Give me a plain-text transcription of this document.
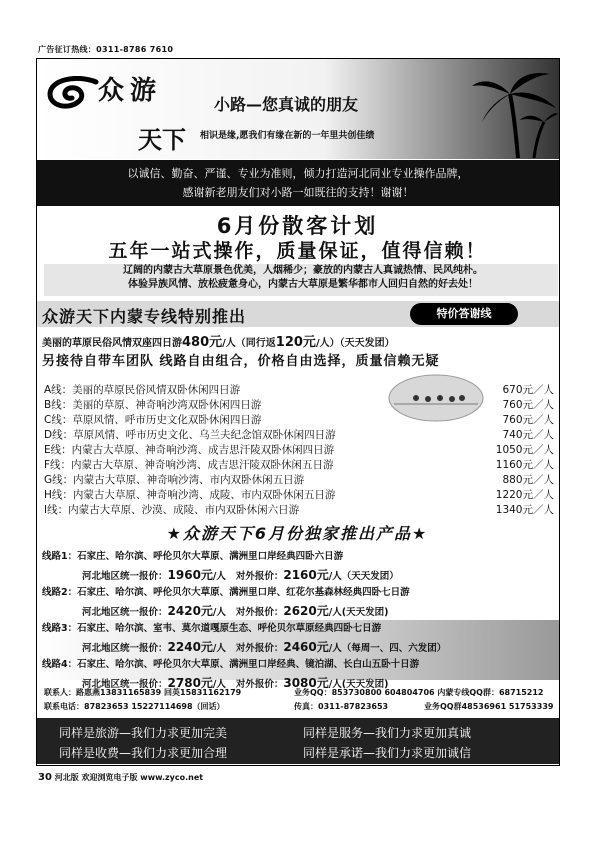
广告征订热线：0311-8786 7610
众游	小路—您真诚的朋友
天下 相识是缘,愿我们有缘在新的一年里共创佳绩
以诚信、勤奋、严谨、专业为准则，倾力打造河北同业专业操作品牌，
感谢新老朋友们对小路一如既往的支持！谢谢！
6月份散客计划
五年一站式操作，质量保证，值得信赖！
辽阔的内蒙古大草原景色优美，人烟稀少；豪放的内蒙古人真诚热情、民风纯朴。
体验异族风情、放松疲惫身心，内蒙古大草原是繁华都市人回归自然的好去处！
众游天下内蒙专线特别推出	特价答谢线
美丽的草原民俗风情双座四日游480元/人（同行返120元/人）（天天发团）
另接待自带车团队 线路自由组合，价格自由选择，质量信赖无疑
A线：美丽的草原民俗风情双卧休闲四日游	670元／人
B线：美丽的草原、神奇响沙湾双卧休闲四日游	760元／人
C线：草原风情、呼市历史文化双卧休闲四日游	760元／人
D线：草原风情、呼市历史文化、乌兰夫纪念馆双卧休闲四日游	740元／人
E线：内蒙古大草原、神奇响沙湾、成吉思汗陵双卧休闲四日游	1050元／人
F线：内蒙古大草原、神奇响沙湾、成吉思汗陵双卧休闲五日游	1160元／人
G线：内蒙古大草原、神奇响沙湾、市内双卧休闲五日游	880元／人
H线：内蒙古大草原、神奇响沙湾、成陵、市内双卧休闲五日游	1220元／人
I线：内蒙古大草原、沙漠、成陵、市内双卧休闲六日游	1340元／人
★众游天下6月份独家推出产品★
线路1：石家庄、哈尔滨、呼伦贝尔大草原、满洲里口岸经典四卧六日游
河北地区统一报价：1960元/人 对外报价：2160元/人（天天发团）
线路2：石家庄、哈尔滨、呼伦贝尔大草原、满洲里口岸、红花尔基森林经典四卧七日游
河北地区统一报价：2420元/人 对外报价：2620元/人(天天发团)
线路3：石家庄、哈尔滨、室韦、莫尔道嘎原生态、呼伦贝尔草原经典四卧七日游
河北地区统一报价：2240元/人 对外报价：2460元/人（每周一、四、六发团）
线路4：石家庄、哈尔滨、呼伦贝尔大草原、满洲里口岸经典、镜泊湖、长白山五卧十日游
河北地区统一报价：2780元/人 对外报价：3080元/人(天天发团)
联系人：路惠燕13831165839 回英15831162179	业务QQ：853730800 604804706 内蒙专线QQ群：68715212
联系电话：87823653 15227114698（回话）	传真：0311-87823653	业务QQ群48536961 51753339
同样是旅游—我们力求更加完美	同样是服务—我们力求更加真诚
同样是收费—我们力求更加合理	同样是承诺—我们力求更加诚信
30 河北版 欢迎浏览电子版 www.zyco.net
